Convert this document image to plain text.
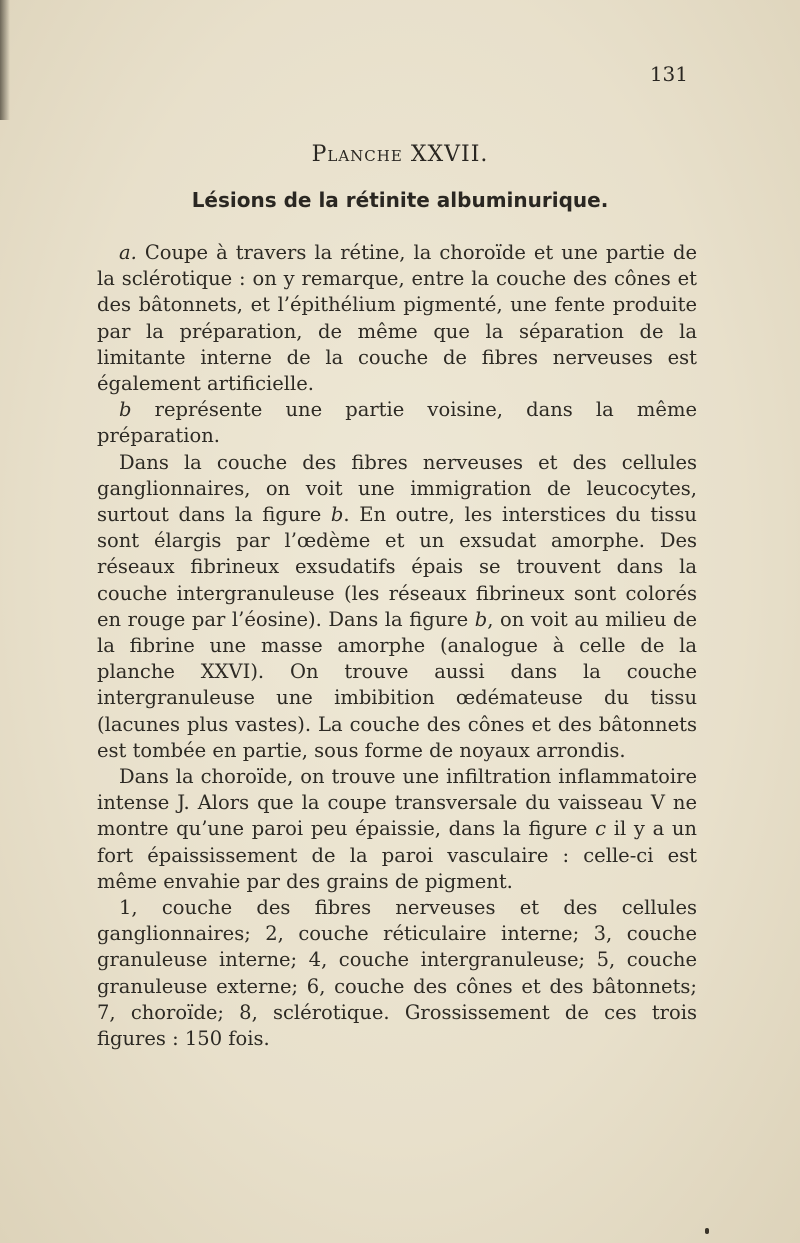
131
Planche XXVII.
Lésions de la rétinite albuminurique.

a. Coupe à travers la rétine, la choroïde et une partie de la sclérotique : on y remarque, entre la couche des cônes et des bâtonnets, et l’épithélium pigmenté, une fente produite par la préparation, de même que la séparation de la limitante interne de la couche de fibres nerveuses est également artificielle.

b représente une partie voisine, dans la même préparation.

Dans la couche des fibres nerveuses et des cellules ganglionnaires, on voit une immigration de leucocytes, surtout dans la figure b. En outre, les interstices du tissu sont élargis par l’œdème et un exsudat amorphe. Des réseaux fibrineux exsudatifs épais se trouvent dans la couche intergranuleuse (les réseaux fibrineux sont colorés en rouge par l’éosine). Dans la figure b, on voit au milieu de la fibrine une masse amorphe (analogue à celle de la planche XXVI). On trouve aussi dans la couche intergranuleuse une imbibition œdémateuse du tissu (lacunes plus vastes). La couche des cônes et des bâtonnets est tombée en partie, sous forme de noyaux arrondis.

Dans la choroïde, on trouve une infiltration inflammatoire intense J. Alors que la coupe transversale du vaisseau V ne montre qu’une paroi peu épaissie, dans la figure c il y a un fort épaississement de la paroi vasculaire : celle-ci est même envahie par des grains de pigment.

1, couche des fibres nerveuses et des cellules ganglionnaires; 2, couche réticulaire interne; 3, couche granuleuse interne; 4, couche intergranuleuse; 5, couche granuleuse externe; 6, couche des cônes et des bâtonnets; 7, choroïde; 8, sclérotique. Grossissement de ces trois figures : 150 fois.
